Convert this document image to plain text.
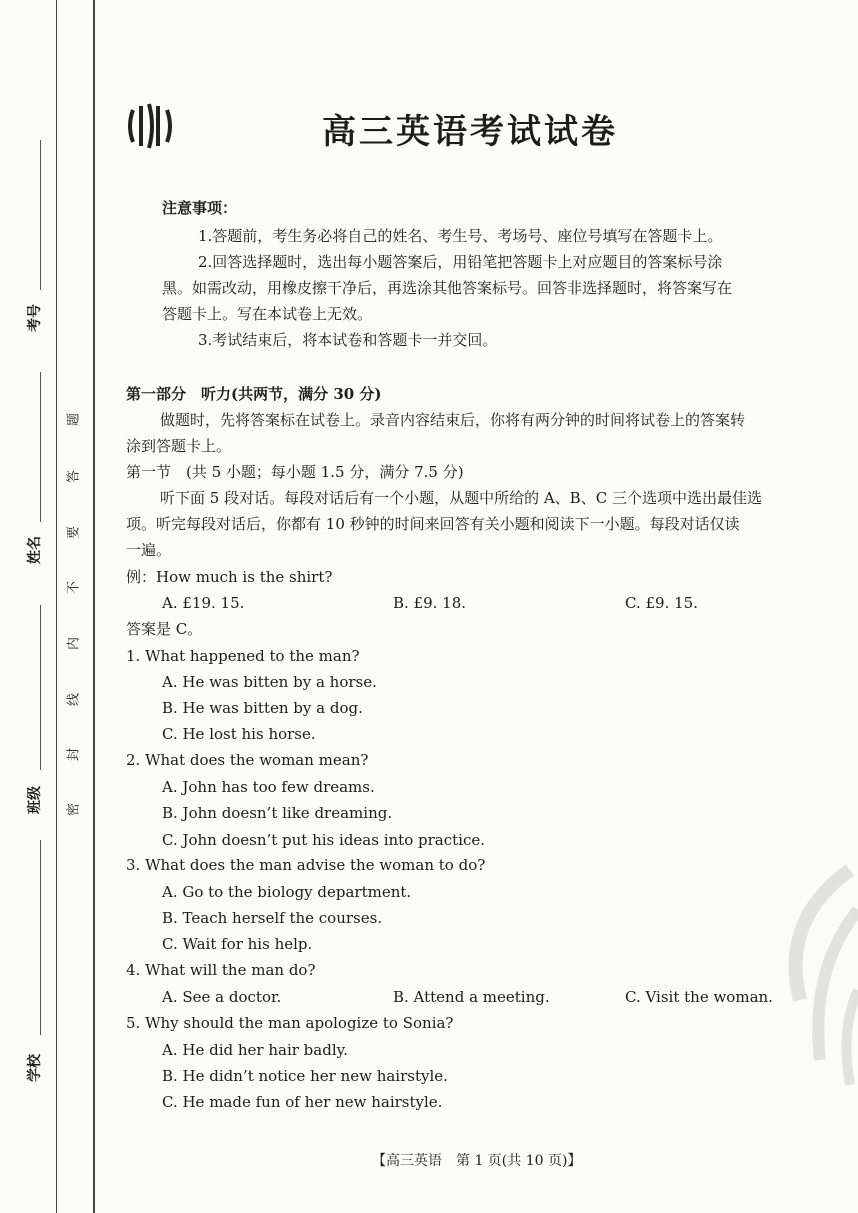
考号
姓名
班级
学校
题
答
要
不
内
线
封
密
高三英语考试试卷
注意事项：
1.答题前，考生务必将自己的姓名、考生号、考场号、座位号填写在答题卡上。
2.回答选择题时，选出每小题答案后，用铅笔把答题卡上对应题目的答案标号涂
黑。如需改动，用橡皮擦干净后，再选涂其他答案标号。回答非选择题时，将答案写在
答题卡上。写在本试卷上无效。
3.考试结束后，将本试卷和答题卡一并交回。
第一部分　听力(共两节，满分 30 分)
做题时，先将答案标在试卷上。录音内容结束后，你将有两分钟的时间将试卷上的答案转
涂到答题卡上。
第一节　(共 5 小题；每小题 1.5 分，满分 7.5 分)
听下面 5 段对话。每段对话后有一个小题，从题中所给的 A、B、C 三个选项中选出最佳选
项。听完每段对话后，你都有 10 秒钟的时间来回答有关小题和阅读下一小题。每段对话仅读
一遍。
例：How much is the shirt?
A. £19. 15.	B. £9. 18.	C. £9. 15.
答案是 C。
1. What happened to the man?
A. He was bitten by a horse.
B. He was bitten by a dog.
C. He lost his horse.
2. What does the woman mean?
A. John has too few dreams.
B. John doesn’t like dreaming.
C. John doesn’t put his ideas into practice.
3. What does the man advise the woman to do?
A. Go to the biology department.
B. Teach herself the courses.
C. Wait for his help.
4. What will the man do?
A. See a doctor.	B. Attend a meeting.	C. Visit the woman.
5. Why should the man apologize to Sonia?
A. He did her hair badly.
B. He didn’t notice her new hairstyle.
C. He made fun of her new hairstyle.
【高三英语　第 1 页(共 10 页)】
